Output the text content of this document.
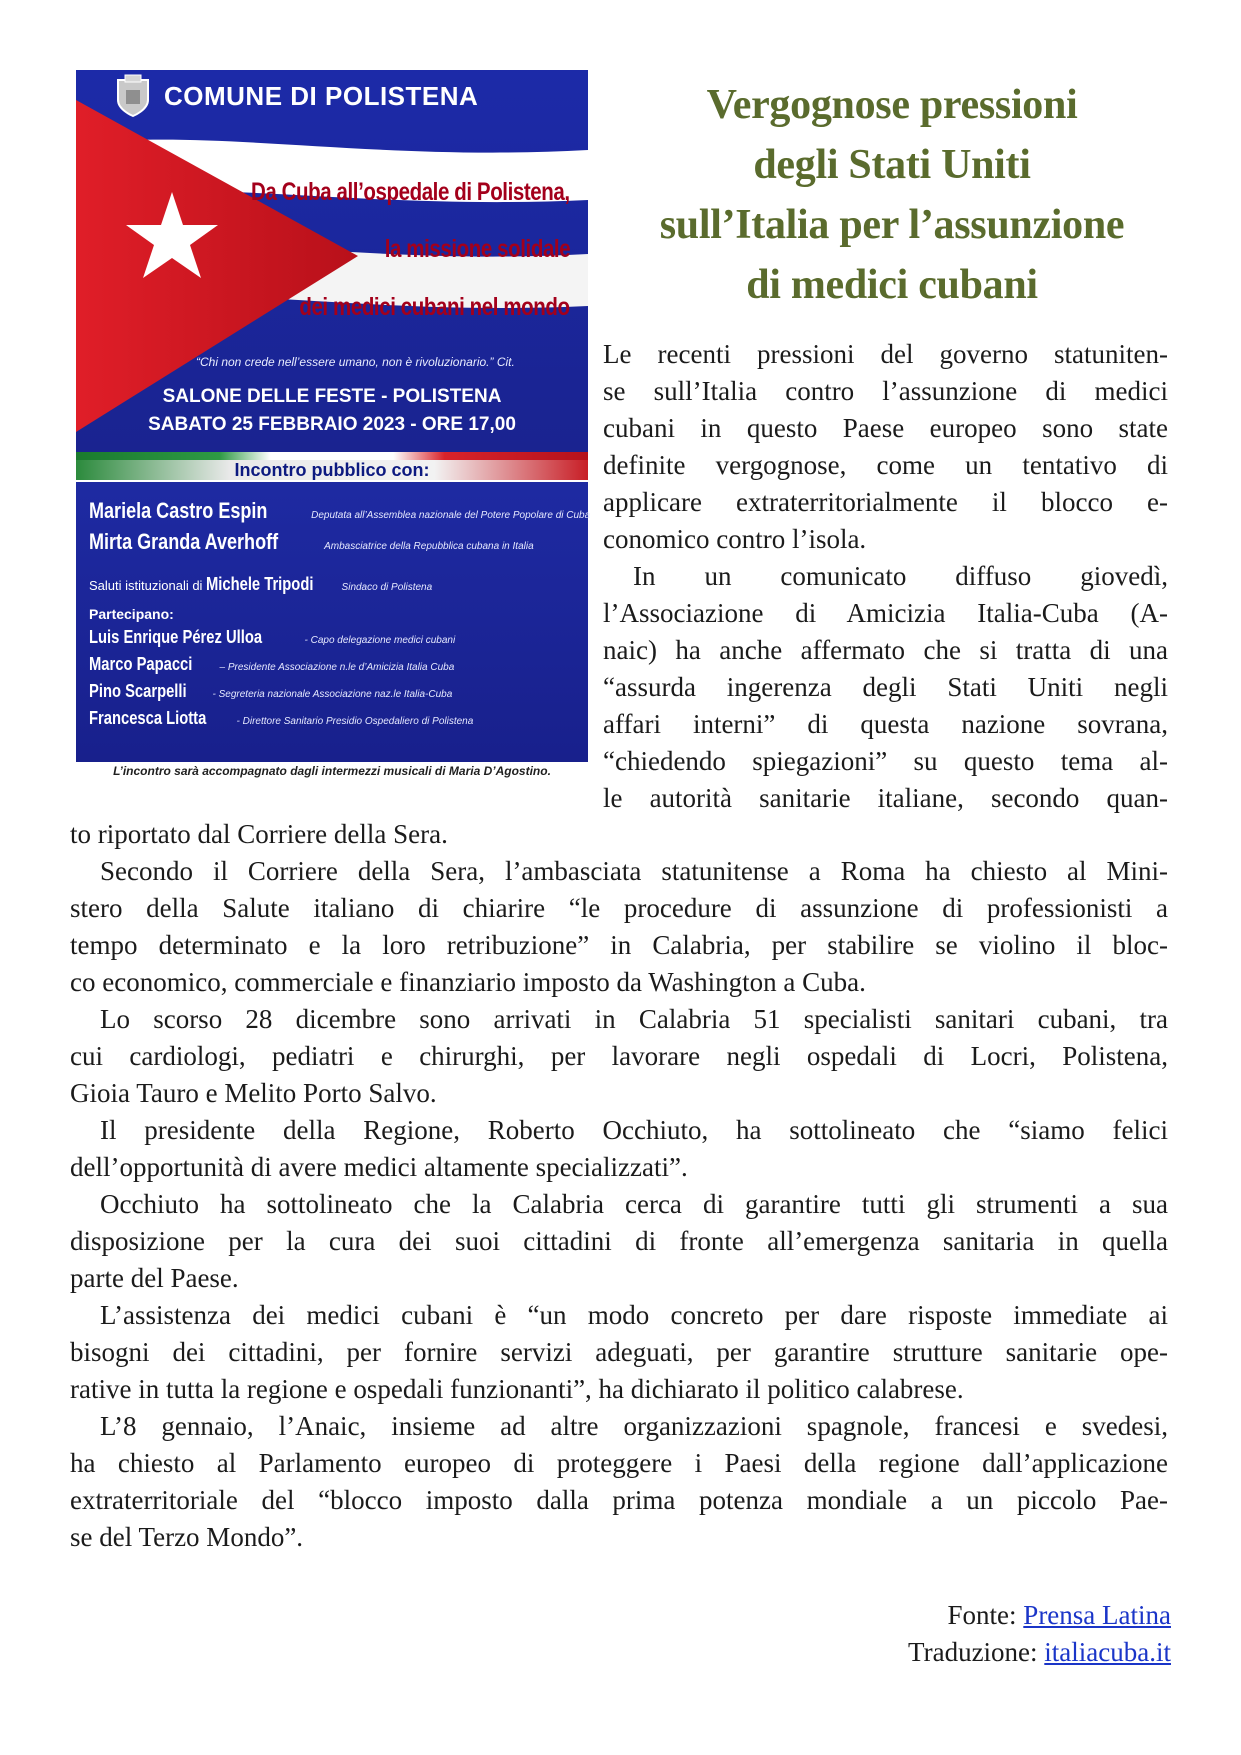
COMUNE DI POLISTENA
Da Cuba all’ospedale di Polistena,
la missione solidale
dei medici cubani nel mondo
“Chi non crede nell’essere umano, non è rivoluzionario.” Cit.
SALONE DELLE FESTE - POLISTENA
SABATO 25 FEBBRAIO 2023 - ORE 17,00
Incontro pubblico con:
Mariela Castro Espin	Deputata all’Assemblea nazionale del Potere Popolare di Cuba
Mirta Granda Averhoff	Ambasciatrice della Repubblica cubana in Italia
Saluti istituzionali di Michele Tripodi	Sindaco di Polistena
Partecipano:
Luis Enrique Pérez Ulloa	- Capo delegazione medici cubani
Marco Papacci	– Presidente Associazione n.le d’Amicizia Italia Cuba
Pino Scarpelli	- Segreteria nazionale Associazione naz.le Italia-Cuba
Francesca Liotta	- Direttore Sanitario Presidio Ospedaliero di Polistena
L’incontro sarà accompagnato dagli intermezzi musicali di Maria D’Agostino.
Vergognose pressioni
degli Stati Uniti
sull’Italia per l’assunzione
di medici cubani
Le recenti pressioni del governo statuniten-
se sull’Italia contro l’assunzione di medici
cubani in questo Paese europeo sono state
definite vergognose, come un tentativo di
applicare extraterritorialmente il blocco e-
conomico contro l’isola.
In un comunicato diffuso giovedì,
l’Associazione di Amicizia Italia-Cuba (A-
naic) ha anche affermato che si tratta di una
“assurda ingerenza degli Stati Uniti negli
affari interni” di questa nazione sovrana,
“chiedendo spiegazioni” su questo tema al-
le autorità sanitarie italiane, secondo quan-
to riportato dal Corriere della Sera.
Secondo il Corriere della Sera, l’ambasciata statunitense a Roma ha chiesto al Mini-
stero della Salute italiano di chiarire “le procedure di assunzione di professionisti a
tempo determinato e la loro retribuzione” in Calabria, per stabilire se violino il bloc-
co economico, commerciale e finanziario imposto da Washington a Cuba.
Lo scorso 28 dicembre sono arrivati in Calabria 51 specialisti sanitari cubani, tra
cui cardiologi, pediatri e chirurghi, per lavorare negli ospedali di Locri, Polistena,
Gioia Tauro e Melito Porto Salvo.
Il presidente della Regione, Roberto Occhiuto, ha sottolineato che “siamo felici
dell’opportunità di avere medici altamente specializzati”.
Occhiuto ha sottolineato che la Calabria cerca di garantire tutti gli strumenti a sua
disposizione per la cura dei suoi cittadini di fronte all’emergenza sanitaria in quella
parte del Paese.
L’assistenza dei medici cubani è “un modo concreto per dare risposte immediate ai
bisogni dei cittadini, per fornire servizi adeguati, per garantire strutture sanitarie ope-
rative in tutta la regione e ospedali funzionanti”, ha dichiarato il politico calabrese.
L’8 gennaio, l’Anaic, insieme ad altre organizzazioni spagnole, francesi e svedesi,
ha chiesto al Parlamento europeo di proteggere i Paesi della regione dall’applicazione
extraterritoriale del “blocco imposto dalla prima potenza mondiale a un piccolo Pae-
se del Terzo Mondo”.
Fonte: Prensa Latina
Traduzione: italiacuba.it
